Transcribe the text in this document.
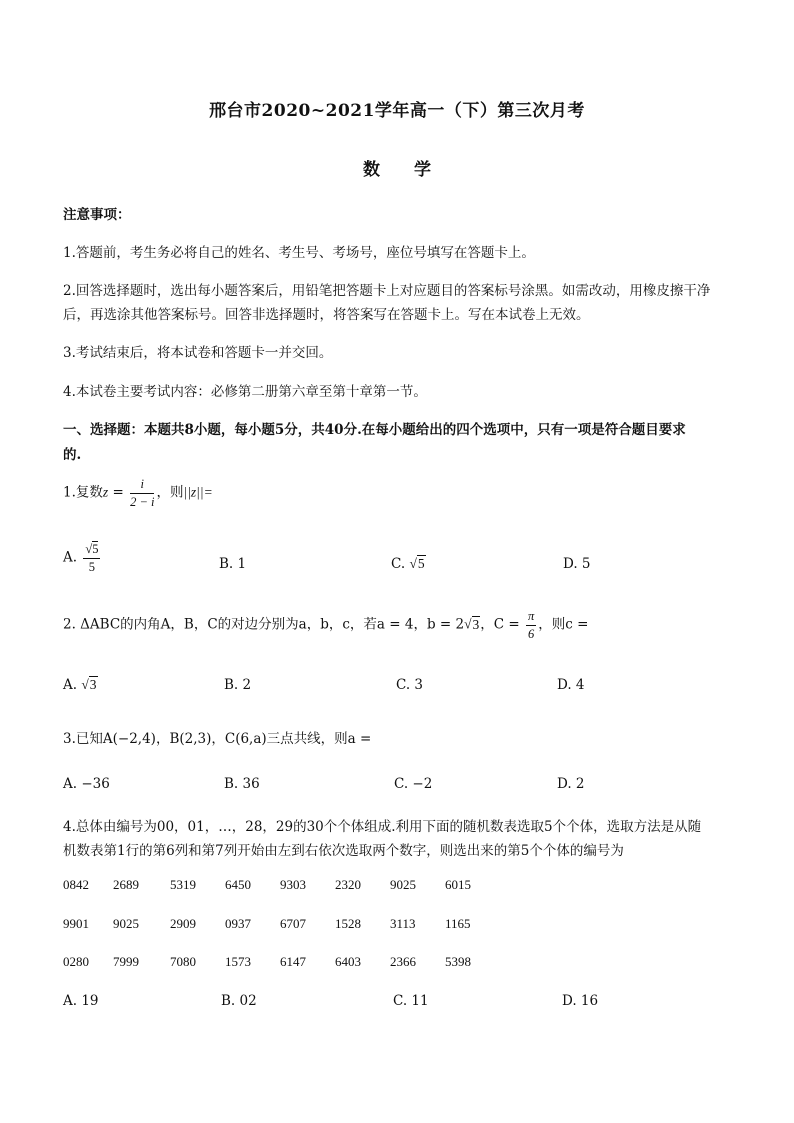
邢台市2020~2021学年高一（下）第三次月考
数 学
注意事项：
1.答题前，考生务必将自己的姓名、考生号、考场号，座位号填写在答题卡上。
2.回答选择题时，选出每小题答案后，用铅笔把答题卡上对应题目的答案标号涂黑。如需改动，用橡皮擦干净
后，再选涂其他答案标号。回答非选择题时，将答案写在答题卡上。写在本试卷上无效。
3.考试结束后，将本试卷和答题卡一并交回。
4.本试卷主要考试内容：必修第二册第六章至第十章第一节。
一、选择题：本题共8小题，每小题5分，共40分.在每小题给出的四个选项中，只有一项是符合题目要求
的.
1.复数$z = \frac{i}{2 - i}$ ，则||z||=
A. $\frac{√5}{5}$	B. 1	C. √5	D. 5
2. ΔABC的内角A，B，C的对边分别为a，b，c，若a = 4，b = 2√3，$C = \frac{\pi}{6}$ ，则c =
A. √3	B. 2	C. 3	D. 4
3.已知A(−2,4)，B(2,3)，C(6,a)三点共线，则a =
A. −36	B. 36	C. −2	D. 2
4.总体由编号为00，01，…，28，29的30个个体组成.利用下面的随机数表选取5个个体，选取方法是从随
机数表第1行的第6列和第7列开始由左到右依次选取两个数字，则选出来的第5个个体的编号为
0842 2689 5319 6450 9303 2320 9025 6015
9901 9025 2909 0937 6707 1528 3113 1165
0280 7999 7080 1573 6147 6403 2366 5398
A. 19	B. 02	C. 11	D. 16
